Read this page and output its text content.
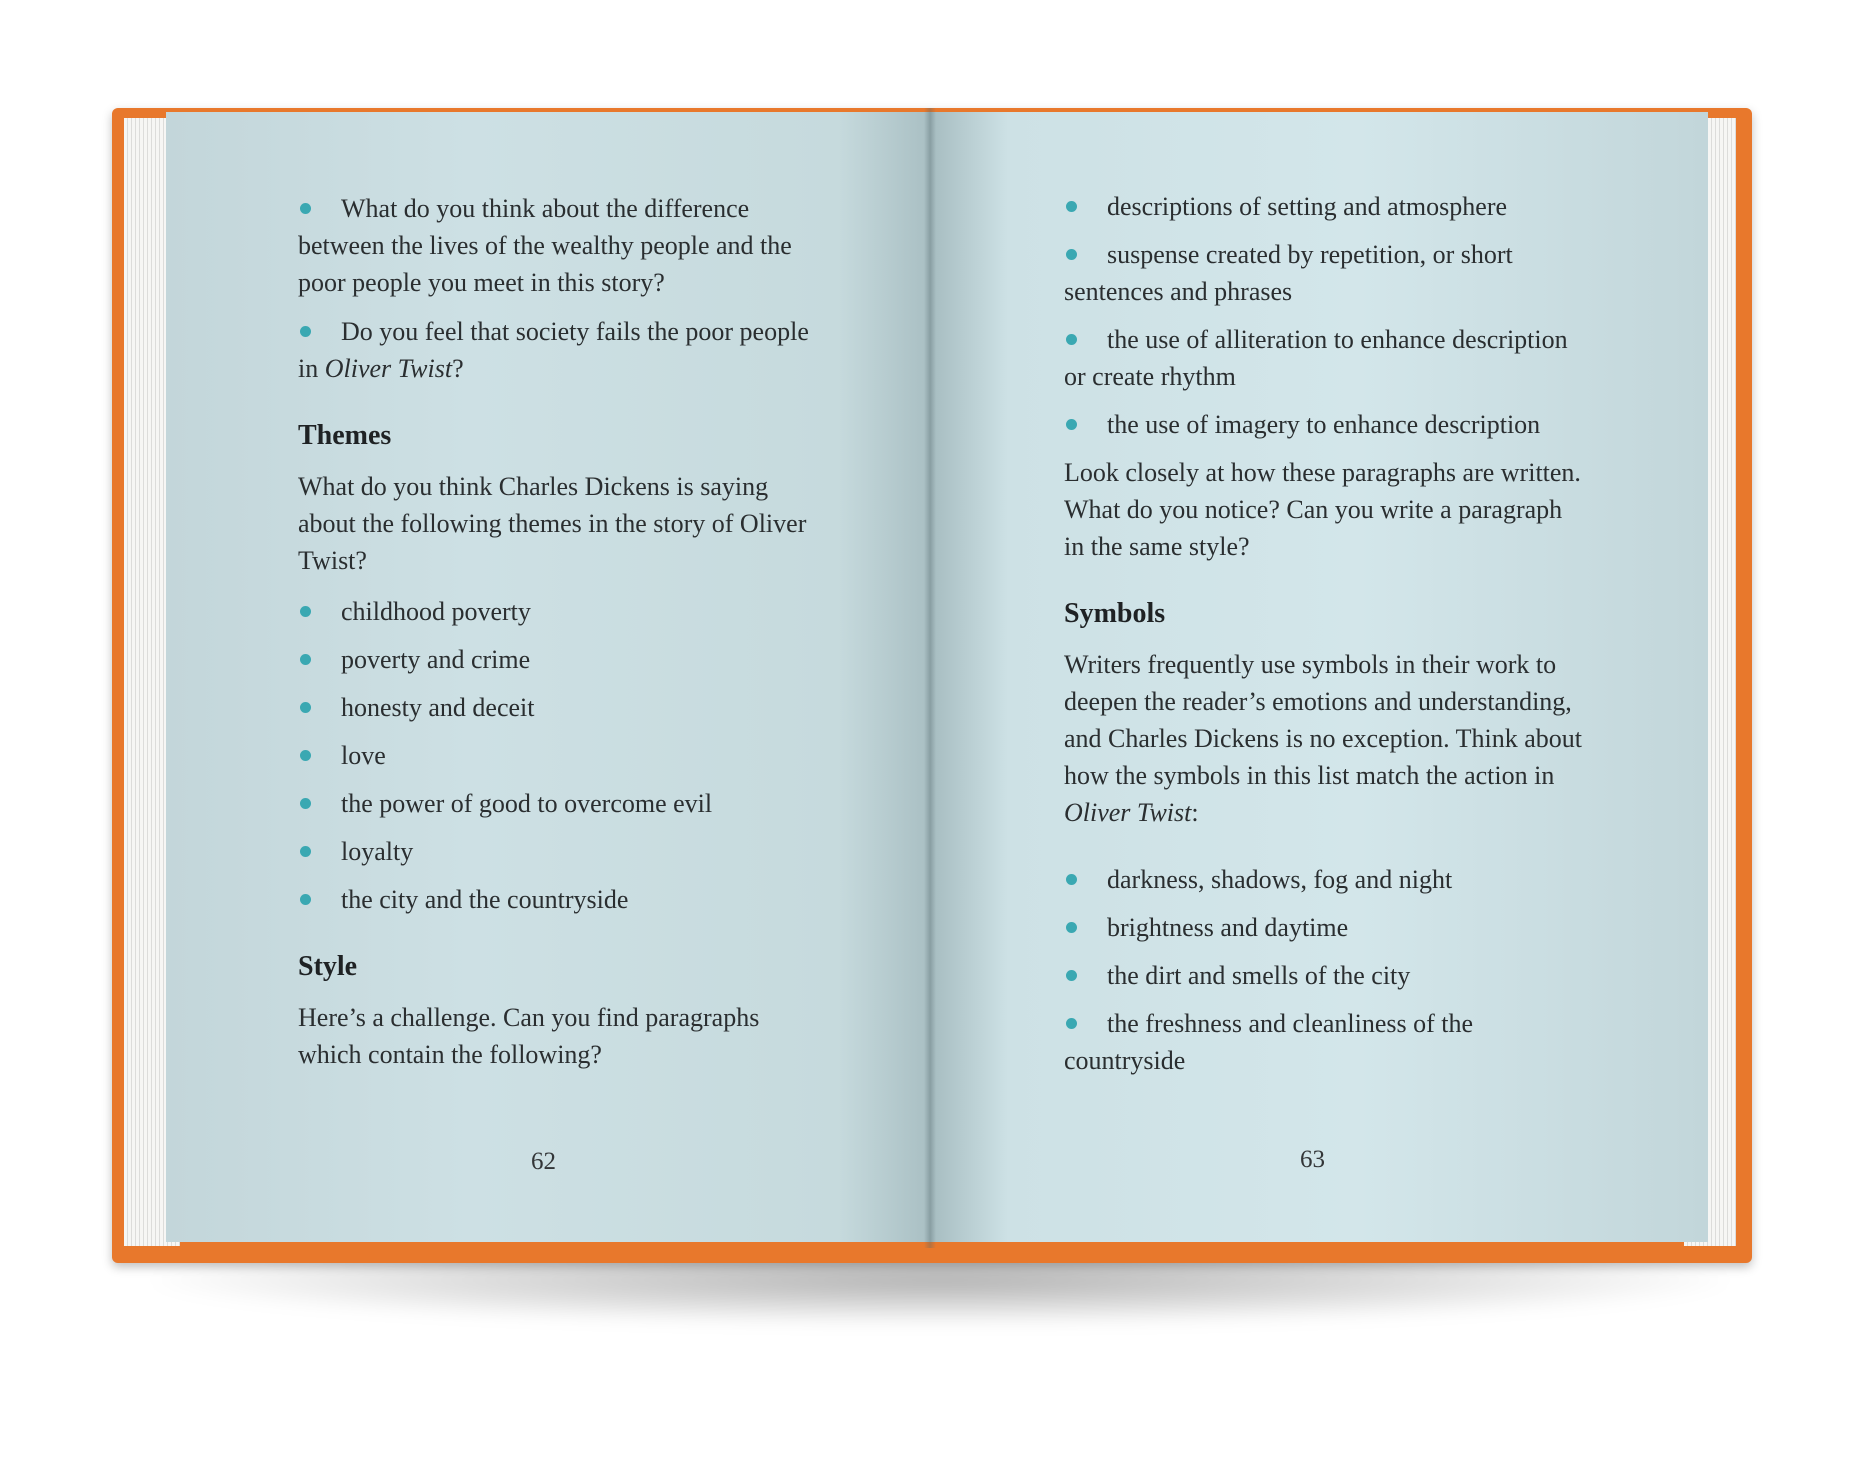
What do you think about the difference between the lives of the wealthy people and the poor people you meet in this story?
Do you feel that society fails the poor people in Oliver Twist?
Themes
What do you think Charles Dickens is saying about the following themes in the story of Oliver Twist?
childhood poverty
poverty and crime
honesty and deceit
love
the power of good to overcome evil
loyalty
the city and the countryside
Style
Here’s a challenge. Can you find paragraphs which contain the following?
62
descriptions of setting and atmosphere
suspense created by repetition, or short sentences and phrases
the use of alliteration to enhance description or create rhythm
the use of imagery to enhance description
Look closely at how these paragraphs are written. What do you notice? Can you write a paragraph in the same style?
Symbols
Writers frequently use symbols in their work to deepen the reader’s emotions and understanding, and Charles Dickens is no exception. Think about how the symbols in this list match the action in Oliver Twist:
darkness, shadows, fog and night
brightness and daytime
the dirt and smells of the city
the freshness and cleanliness of the countryside
63
